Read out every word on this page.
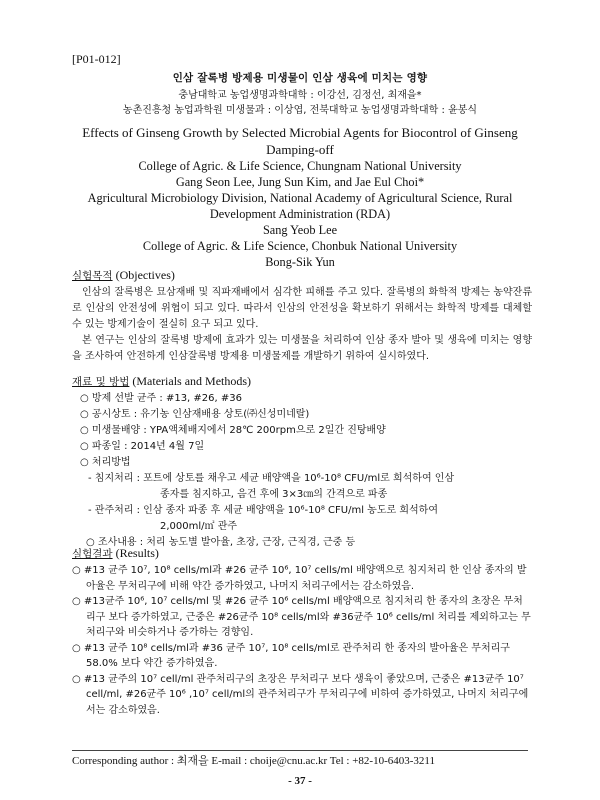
[P01-012]
인삼 잘록병 방제용 미생물이 인삼 생육에 미치는 영향
충남대학교 농업생명과학대학 : 이강선, 김정선, 최재을*
농촌진흥청 농업과학원 미생물과 : 이상엽, 전북대학교 농업생명과학대학 : 윤봉식
Effects of Ginseng Growth by Selected Microbial Agents for Biocontrol of Ginseng Damping-off
College of Agric. & Life Science, Chungnam National University
Gang Seon Lee, Jung Sun Kim, and Jae Eul Choi*
Agricultural Microbiology Division, National Academy of Agricultural Science, Rural Development Administration (RDA)
Sang Yeob Lee
College of Agric. & Life Science, Chonbuk National University
Bong-Sik Yun
실험목적 (Objectives)

인삼의 잘록병은 묘삼재배 및 직파재배에서 심각한 피해를 주고 있다. 잘록병의 화학적 방제는 농약잔류로 인삼의 안전성에 위협이 되고 있다. 따라서 인삼의 안전성을 확보하기 위해서는 화학적 방제를 대체할 수 있는 방제기술이 절실히 요구 되고 있다.

본 연구는 인삼의 잘록병 방제에 효과가 있는 미생물을 처리하여 인삼 종자 발아 및 생육에 미치는 영향을 조사하여 안전하게 인삼잘록병 방제용 미생물제를 개발하기 위하여 실시하였다.

재료 및 방법 (Materials and Methods)
○ 방제 선발 균주 : #13, #26, #36
○ 공시상토 : 유기농 인삼재배용 상토(㈜신성미네랄)
○ 미생물배양 : YPA액체배지에서 28℃ 200rpm으로 2일간 진탕배양
○ 파종일 : 2014년 4월 7일
○ 처리방법
- 침지처리 : 포트에 상토를 채우고 세균 배양액을 10⁶-10⁸ CFU/ml로 희석하여 인삼
종자를 침지하고, 음건 후에 3×3㎝의 간격으로 파종
- 관주처리 : 인삼 종자 파종 후 세균 배양액을 10⁶-10⁸ CFU/ml 농도로 희석하여
2,000ml/㎡ 관주
○ 조사내용 : 처리 농도별 발아율, 초장, 근장, 근직경, 근중 등
실험결과 (Results)
○ #13 균주 10⁷, 10⁸ cells/ml과 #26 균주 10⁶, 10⁷ cells/ml 배양액으로 침지처리 한 인삼 종자의 발아율은 무처리구에 비해 약간 증가하였고, 나머지 처리구에서는 감소하였음.
○ #13균주 10⁶, 10⁷ cells/ml 및 #26 균주 10⁶ cells/ml 배양액으로 침지처리 한 종자의 초장은 무처리구 보다 증가하였고, 근중은 #26균주 10⁸ cells/ml와 #36균주 10⁶ cells/ml 처리를 제외하고는 무처리구와 비슷하거나 증가하는 경향임.
○ #13 균주 10⁸ cells/ml과 #36 균주 10⁷, 10⁸ cells/ml로 관주처리 한 종자의 발아율은 무처리구 58.0% 보다 약간 증가하였음.
○ #13 균주의 10⁷ cell/ml 관주처리구의 초장은 무처리구 보다 생육이 좋았으며, 근중은 #13균주 10⁷ cell/ml, #26균주 10⁶ ,10⁷ cell/ml의 관주처리구가 무처리구에 비하여 증가하였고, 나머지 처리구에서는 감소하였음.
Corresponding author : 최재을 E-mail : choije@cnu.ac.kr Tel : +82-10-6403-3211
- 37 -
